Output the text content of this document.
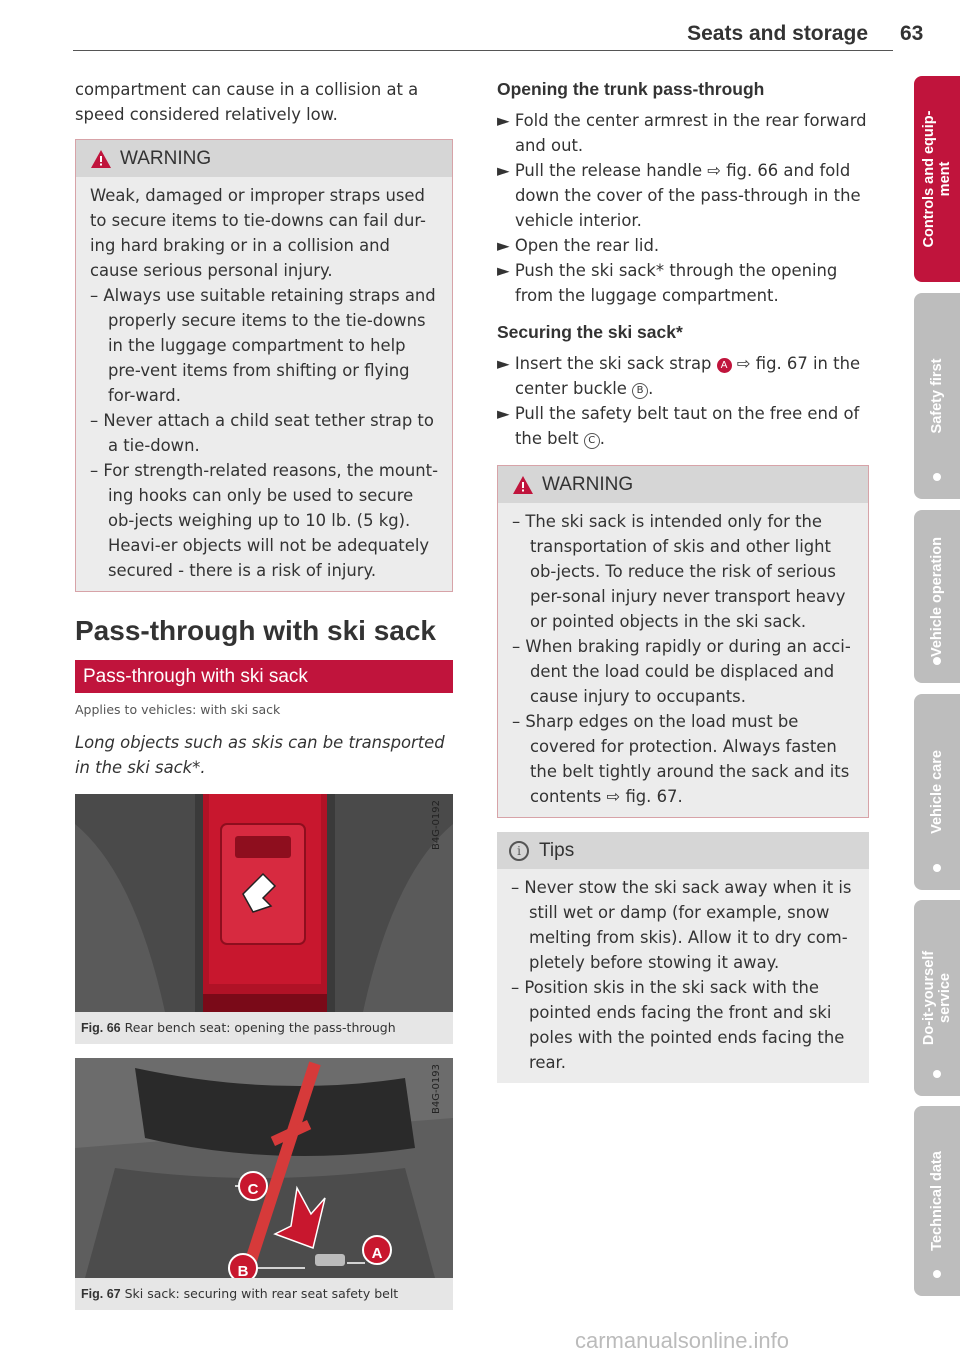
Seats and storage 63

compartment can cause in a collision at a speed considered relatively low.

WARNING

Weak, damaged or improper straps used to secure items to tie-downs can fail dur-ing hard braking or in a collision and cause serious personal injury.

– Always use suitable retaining straps and properly secure items to the tie-downs in the luggage compartment to help pre-vent items from shifting or flying for-ward.

– Never attach a child seat tether strap to a tie-down.

– For strength-related reasons, the mount-ing hooks can only be used to secure ob-jects weighing up to 10 lb. (5 kg). Heavi-er objects will not be adequately secured - there is a risk of injury.

Pass-through with ski sack
Pass-through with ski sack
Applies to vehicles: with ski sack

Long objects such as skis can be transported in the ski sack*.

B4G-0192
Fig. 66 Rear bench seat: opening the pass-through
C
A
B
B4G-0193
Fig. 67 Ski sack: securing with rear seat safety belt
Opening the trunk pass-through

► Fold the center armrest in the rear forward and out.

► Pull the release handle ⇨ fig. 66 and fold down the cover of the pass-through in the vehicle interior.

► Open the rear lid.

► Push the ski sack* through the opening from the luggage compartment.

Securing the ski sack*

► Insert the ski sack strap A ⇨ fig. 67 in the center buckle B .

► Pull the safety belt taut on the free end of the belt C .

WARNING

– The ski sack is intended only for the transportation of skis and other light ob-jects. To reduce the risk of serious per-sonal injury never transport heavy or pointed objects in the ski sack.

– When braking rapidly or during an acci-dent the load could be displaced and cause injury to occupants.

– Sharp edges on the load must be covered for protection. Always fasten the belt tightly around the sack and its contents ⇨ fig. 67.

i Tips

– Never stow the ski sack away when it is still wet or damp (for example, snow melting from skis). Allow it to dry com-pletely before stowing it away.

– Position skis in the ski sack with the pointed ends facing the front and ski poles with the pointed ends facing the rear.

Controls and equip-
ment
Safety first
Vehicle operation
Vehicle care
Do-it-yourself
service
Technical data
carmanualsonline.info
